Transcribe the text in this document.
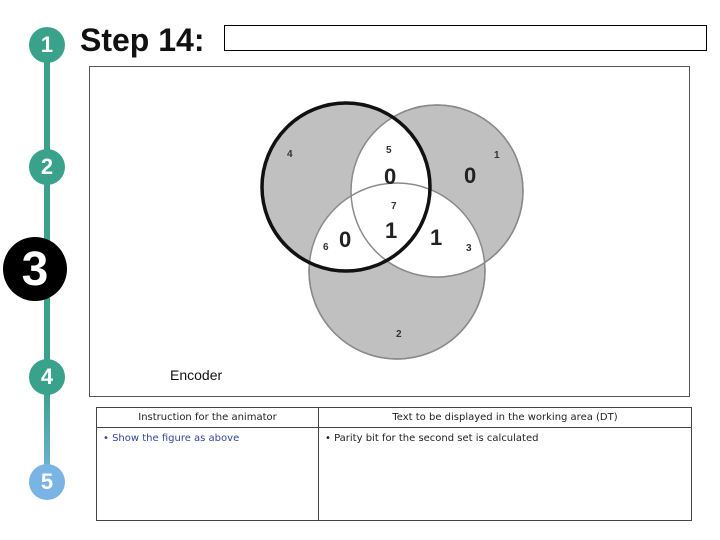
1
2
3
4
5
Step 14:
1
2
3
4	5
6
7
0	0
1 1
0
Encoder
Instruction for the animator	Text to be displayed in the working area (DT)
• Show the figure as above	• Parity bit for the second set is calculated
